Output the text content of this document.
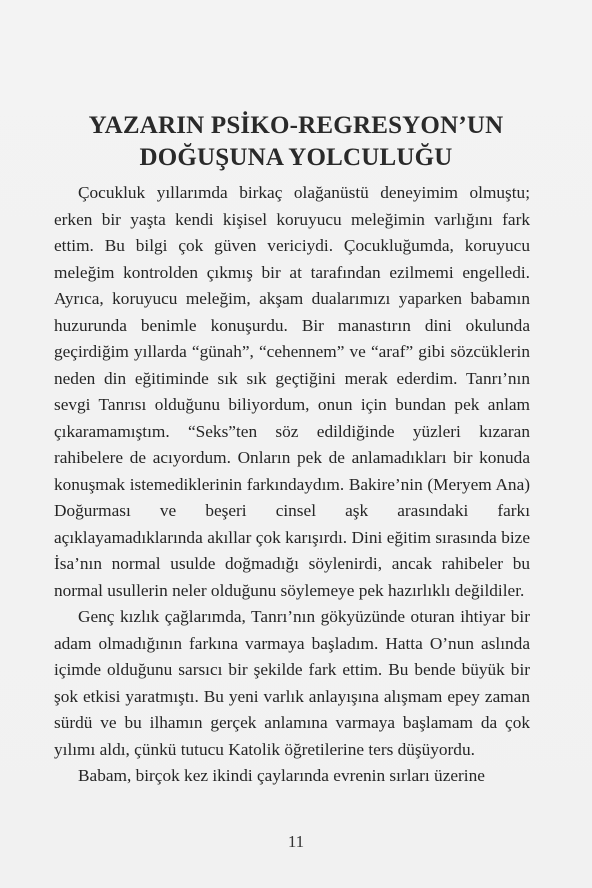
YAZARIN PSİKO-REGRESYON’UN
DOĞUŞUNA YOLCULUĞU

Çocukluk yıllarımda birkaç olağanüstü deneyimim olmuştu; erken bir yaşta kendi kişisel koruyucu meleğimin varlığını fark ettim. Bu bilgi çok güven vericiydi. Çocukluğumda, koruyucu meleğim kontrolden çıkmış bir at tarafından ezilmemi engelledi. Ayrıca, koruyucu meleğim, akşam dualarımızı yaparken babamın huzurunda benimle konuşurdu. Bir manastırın dini okulunda geçirdiğim yıllarda “günah”, “cehennem” ve “araf” gibi sözcüklerin neden din eğitiminde sık sık geçtiğini merak ederdim. Tanrı’nın sevgi Tanrısı olduğunu biliyordum, onun için bundan pek anlam çıkaramamıştım. “Seks”ten söz edildiğinde yüzleri kızaran rahibelere de acıyordum. Onların pek de anlamadıkları bir konuda konuşmak istemediklerinin farkındaydım. Bakire’nin (Meryem Ana) Doğurması ve beşeri cinsel aşk arasındaki farkı açıklayamadıklarında akıllar çok karışırdı. Dini eğitim sırasında bize İsa’nın normal usulde doğmadığı söylenirdi, ancak rahibeler bu normal usullerin neler olduğunu söylemeye pek hazırlıklı değildiler.

Genç kızlık çağlarımda, Tanrı’nın gökyüzünde oturan ihtiyar bir adam olmadığının farkına varmaya başladım. Hatta O’nun aslında içimde olduğunu sarsıcı bir şekilde fark ettim. Bu bende büyük bir şok etkisi yaratmıştı. Bu yeni varlık anlayışına alışmam epey zaman sürdü ve bu ilhamın gerçek anlamına varmaya başlamam da çok yılımı aldı, çünkü tutucu Katolik öğretilerine ters düşüyordu.

Babam, birçok kez ikindi çaylarında evrenin sırları üzerine

11
